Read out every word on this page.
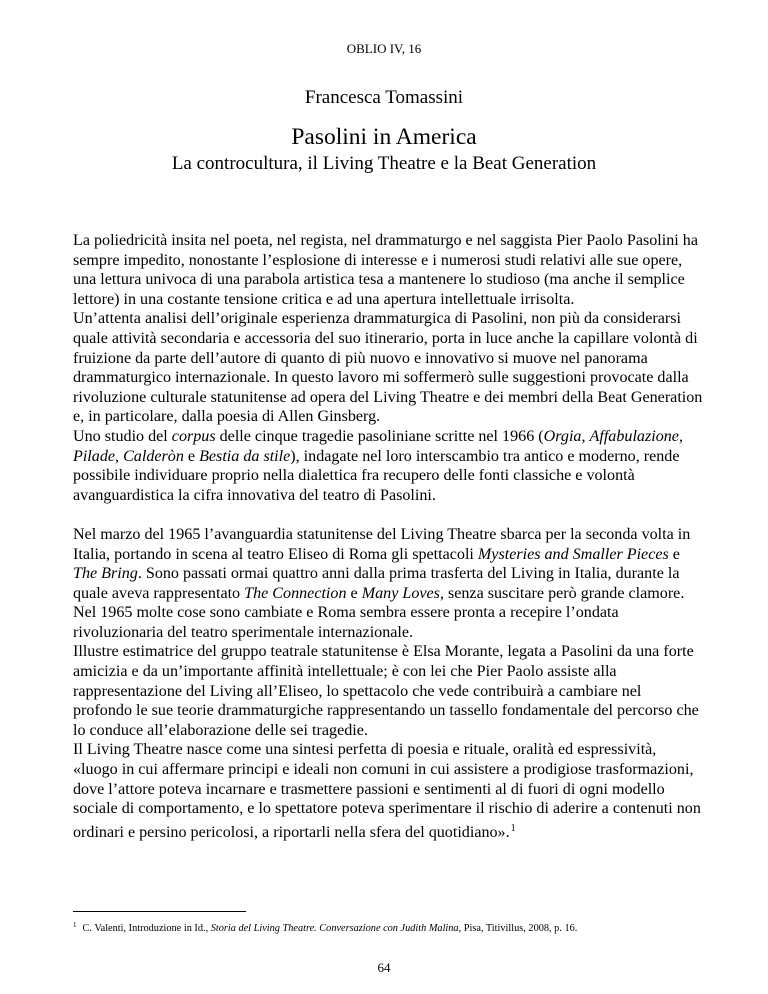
OBLIO IV, 16
Francesca Tomassini
Pasolini in America
La controcultura, il Living Theatre e la Beat Generation

La poliedricità insita nel poeta, nel regista, nel drammaturgo e nel saggista Pier Paolo Pasolini ha sempre impedito, nonostante l’esplosione di interesse e i numerosi studi relativi alle sue opere, una lettura univoca di una parabola artistica tesa a mantenere lo studioso (ma anche il semplice lettore) in una costante tensione critica e ad una apertura intellettuale irrisolta.

Un’attenta analisi dell’originale esperienza drammaturgica di Pasolini, non più da considerarsi quale attività secondaria e accessoria del suo itinerario, porta in luce anche la capillare volontà di fruizione da parte dell’autore di quanto di più nuovo e innovativo si muove nel panorama drammaturgico internazionale. In questo lavoro mi soffermerò sulle suggestioni provocate dalla rivoluzione culturale statunitense ad opera del Living Theatre e dei membri della Beat Generation e, in particolare, dalla poesia di Allen Ginsberg.

Uno studio del corpus delle cinque tragedie pasoliniane scritte nel 1966 (Orgia, Affabulazione, Pilade, Calderòn e Bestia da stile), indagate nel loro interscambio tra antico e moderno, rende possibile individuare proprio nella dialettica fra recupero delle fonti classiche e volontà avanguardistica la cifra innovativa del teatro di Pasolini.

Nel marzo del 1965 l’avanguardia statunitense del Living Theatre sbarca per la seconda volta in Italia, portando in scena al teatro Eliseo di Roma gli spettacoli Mysteries and Smaller Pieces e The Bring. Sono passati ormai quattro anni dalla prima trasferta del Living in Italia, durante la quale aveva rappresentato The Connection e Many Loves, senza suscitare però grande clamore. Nel 1965 molte cose sono cambiate e Roma sembra essere pronta a recepire l’ondata rivoluzionaria del teatro sperimentale internazionale.

Illustre estimatrice del gruppo teatrale statunitense è Elsa Morante, legata a Pasolini da una forte amicizia e da un’importante affinità intellettuale; è con lei che Pier Paolo assiste alla rappresentazione del Living all’Eliseo, lo spettacolo che vede contribuirà a cambiare nel profondo le sue teorie drammaturgiche rappresentando un tassello fondamentale del percorso che lo conduce all’elaborazione delle sei tragedie.

Il Living Theatre nasce come una sintesi perfetta di poesia e rituale, oralità ed espressività, «luogo in cui affermare principi e ideali non comuni in cui assistere a prodigiose trasformazioni, dove l’attore poteva incarnare e trasmettere passioni e sentimenti al di fuori di ogni modello sociale di comportamento, e lo spettatore poteva sperimentare il rischio di aderire a contenuti non ordinari e persino pericolosi, a riportarli nella sfera del quotidiano».$^1$

$^1$ C. Valenti, Introduzione in Id., Storia del Living Theatre. Conversazione con Judith Malina, Pisa, Titivillus, 2008, p. 16.
64
